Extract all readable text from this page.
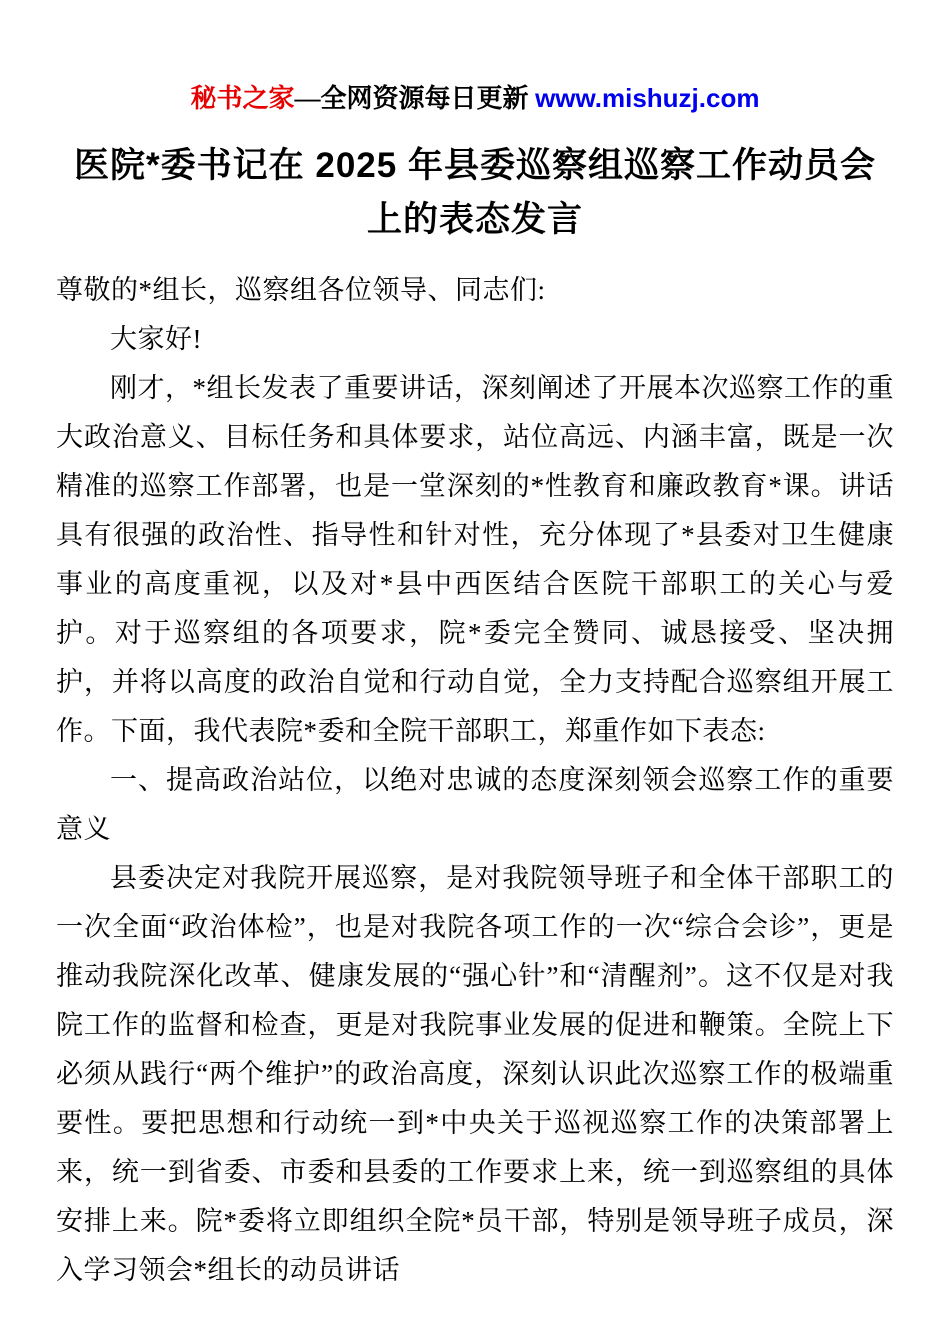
秘书之家—全网资源每日更新 www.mishuzj.com
医院*委书记在 2025 年县委巡察组巡察工作动员会上的表态发言

尊敬的*组长，巡察组各位领导、同志们:

大家好!

刚才，*组长发表了重要讲话，深刻阐述了开展本次巡察工作的重大政治意义、目标任务和具体要求，站位高远、内涵丰富，既是一次精准的巡察工作部署，也是一堂深刻的*性教育和廉政教育*课。讲话具有很强的政治性、指导性和针对性，充分体现了*县委对卫生健康事业的高度重视，以及对*县中西医结合医院干部职工的关心与爱护。对于巡察组的各项要求，院*委完全赞同、诚恳接受、坚决拥护，并将以高度的政治自觉和行动自觉，全力支持配合巡察组开展工作。下面，我代表院*委和全院干部职工，郑重作如下表态:

一、提高政治站位，以绝对忠诚的态度深刻领会巡察工作的重要意义

县委决定对我院开展巡察，是对我院领导班子和全体干部职工的一次全面“政治体检”，也是对我院各项工作的一次“综合会诊”，更是推动我院深化改革、健康发展的“强心针”和“清醒剂”。这不仅是对我院工作的监督和检查，更是对我院事业发展的促进和鞭策。全院上下必须从践行“两个维护”的政治高度，深刻认识此次巡察工作的极端重要性。要把思想和行动统一到*中央关于巡视巡察工作的决策部署上来，统一到省委、市委和县委的工作要求上来，统一到巡察组的具体安排上来。院*委将立即组织全院*员干部，特别是领导班子成员，深入学习领会*组长的动员讲话
